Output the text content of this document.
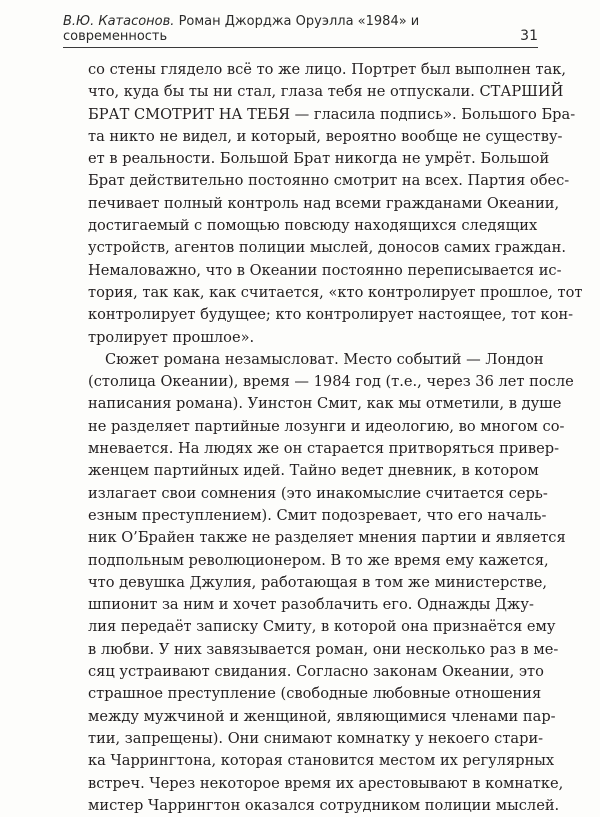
В.Ю. Катасонов. Роман Джорджа Оруэлла «1984» и современность	31
со стены глядело всё то же лицо. Портрет был выполнен так,
что, куда бы ты ни стал, глаза тебя не отпускали. СТАРШИЙ
БРАТ СМОТРИТ НА ТЕБЯ — гласила подпись». Большого Бра-
та никто не видел, и который, вероятно вообще не существу-
ет в реальности. Большой Брат никогда не умрёт. Большой
Брат действительно постоянно смотрит на всех. Партия обес-
печивает полный контроль над всеми гражданами Океании,
достигаемый с помощью повсюду находящихся следящих
устройств, агентов полиции мыслей, доносов самих граждан.
Немаловажно, что в Океании постоянно переписывается ис-
тория, так как, как считается, «кто контролирует прошлое, тот
контролирует будущее; кто контролирует настоящее, тот кон-
тролирует прошлое».
Сюжет романа незамысловат. Место событий — Лондон
(столица Океании), время — 1984 год (т.е., через 36 лет после
написания романа). Уинстон Смит, как мы отметили, в душе
не разделяет партийные лозунги и идеологию, во многом со-
мневается. На людях же он старается притворяться привер-
женцем партийных идей. Тайно ведет дневник, в котором
излагает свои сомнения (это инакомыслие считается серь-
езным преступлением). Смит подозревает, что его началь-
ник О’Брайен также не разделяет мнения партии и является
подпольным революционером. В то же время ему кажется,
что девушка Джулия, работающая в том же министерстве,
шпионит за ним и хочет разоблачить его. Однажды Джу-
лия передаёт записку Смиту, в которой она признаётся ему
в любви. У них завязывается роман, они несколько раз в ме-
сяц устраивают свидания. Согласно законам Океании, это
страшное преступление (свободные любовные отношения
между мужчиной и женщиной, являющимися членами пар-
тии, запрещены). Они снимают комнатку у некоего стари-
ка Чаррингтона, которая становится местом их регулярных
встреч. Через некоторое время их арестовывают в комнатке,
мистер Чаррингтон оказался сотрудником полиции мыслей.
